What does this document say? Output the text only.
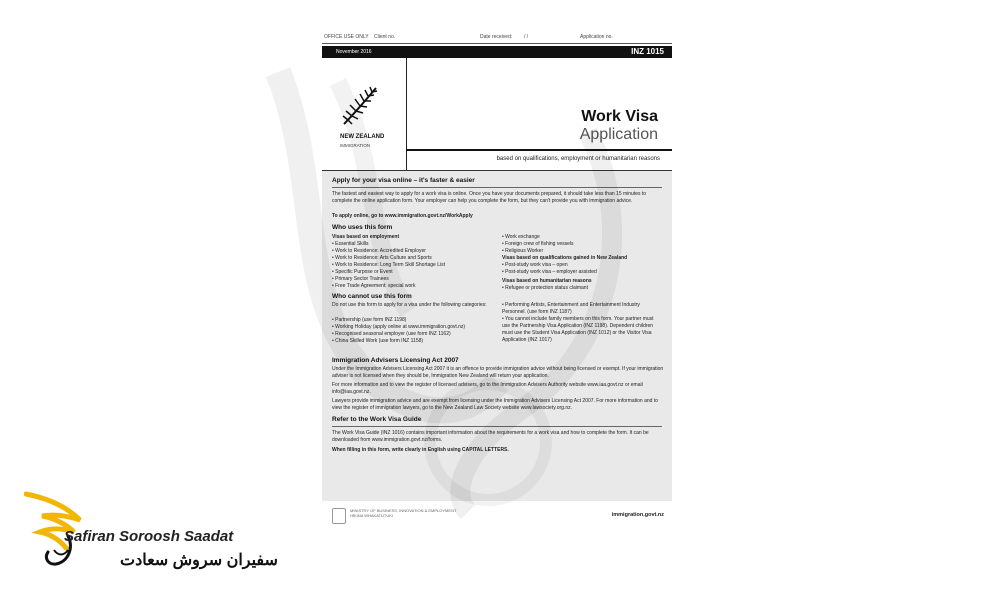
OFFICE USE ONLY Client no.	Date received: / /	Application no.
November 2016	INZ 1015
NEW ZEALAND
IMMIGRATION
Work Visa
Application
based on qualifications, employment or humanitarian reasons
Apply for your visa online – it's faster & easier
The fastest and easiest way to apply for a work visa is online. Once you have your documents prepared, it should take less than 15 minutes to complete the online application form. Your employer can help you complete the form, but they can't provide you with immigration advice.
To apply online, go to www.immigration.govt.nz/WorkApply
Who uses this form
Visas based on employment
• Essential Skills
• Work to Residence: Accredited Employer
• Work to Residence: Arts Culture and Sports
• Work to Residence: Long Term Skill Shortage List
• Specific Purpose or Event
• Primary Sector Trainees
• Free Trade Agreement: special work
• Work exchange
• Foreign crew of fishing vessels
• Religious Worker
Visas based on qualifications gained in New Zealand
• Post-study work visa – open
• Post-study work visa – employer assisted
Visas based on humanitarian reasons
• Refugee or protection status claimant
Who cannot use this form
Do not use this form to apply for a visa under the following categories:
• Partnership (use form INZ 1198)
• Working Holiday (apply online at www.immigration.govt.nz)
• Recognised seasonal employer (use form INZ 1162)
• China Skilled Work (use form INZ 1158)
• Performing Artists, Entertainment and Entertainment Industry Personnel. (use form INZ 1187)
• You cannot include family members on this form. Your partner must use the Partnership Visa Application (INZ 1198). Dependent children must use the Student Visa Application (INZ 1012) or the Visitor Visa Application (INZ 1017)
Immigration Advisers Licensing Act 2007
Under the Immigration Advisers Licensing Act 2007 it is an offence to provide immigration advice without being licensed or exempt. If your immigration adviser is not licensed when they should be, Immigration New Zealand will return your application.
For more information and to view the register of licensed advisers, go to the Immigration Advisers Authority website www.iaa.govt.nz or email info@iaa.govt.nz.
Lawyers provide immigration advice and are exempt from licensing under the Immigration Advisers Licensing Act 2007. For more information and to view the register of immigration lawyers, go to the New Zealand Law Society website www.lawsociety.org.nz.
Refer to the Work Visa Guide
The Work Visa Guide (INZ 1016) contains important information about the requirements for a work visa and how to complete the form. It can be downloaded from www.immigration.govt.nz/forms.
When filling in this form, write clearly in English using CAPITAL LETTERS.
MINISTRY OF BUSINESS, INNOVATION & EMPLOYMENT
HĪKINA WHAKATUTUKI	immigration.govt.nz
Safiran Soroosh Saadat
سفیران سروش سعادت
